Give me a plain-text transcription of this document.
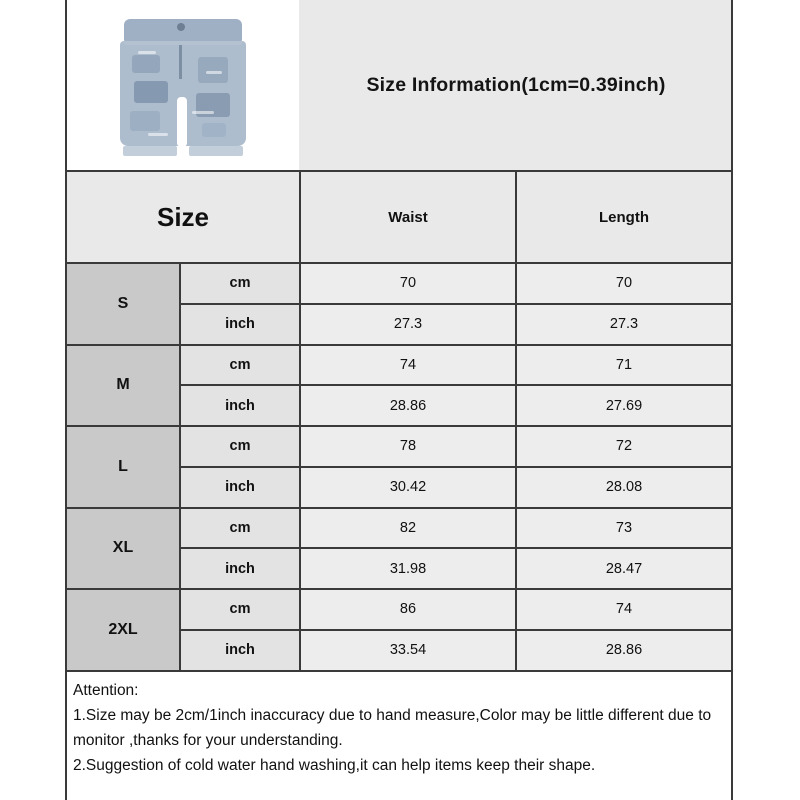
Size Information(1cm=0.39inch)
Size	Waist	Length
S
cm	70	70
inch	27.3	27.3
M
cm	74	71
inch	28.86	27.69
L
cm	78	72
inch	30.42	28.08
XL
cm	82	73
inch	31.98	28.47
2XL
cm	86	74
inch	33.54	28.86
Attention:
1.Size may be 2cm/1inch inaccuracy due to hand measure,Color may be little different due to monitor ,thanks for your understanding.
2.Suggestion of cold water hand washing,it can help items keep their shape.
